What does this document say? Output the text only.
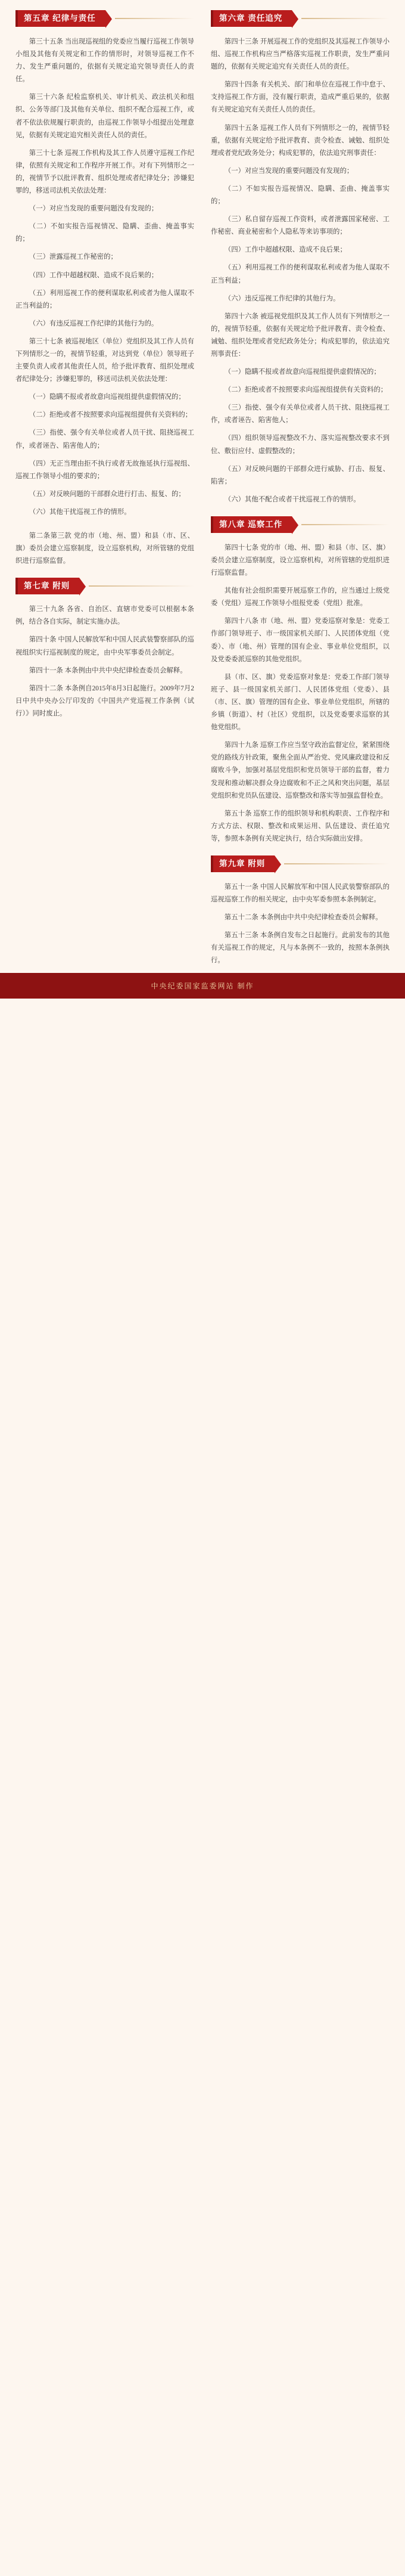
第五章 纪律与责任

第三十五条 当出现巡视组的党委应当履行巡视工作领导小组及其他有关规定和工作的情形时，对领导巡视工作不力、发生严重问题的，依据有关规定追究领导责任人的责任。

第三十六条 纪检监察机关、审计机关、政法机关和组织、公务等部门及其他有关单位、组织不配合巡视工作，或者不依法依规履行职责的，由巡视工作领导小组提出处理意见，依据有关规定追究相关责任人员的责任。

第三十七条 巡视工作机构及其工作人员遵守巡视工作纪律，依照有关规定和工作程序开展工作。对有下列情形之一的，视情节予以批评教育、组织处理或者纪律处分；涉嫌犯罪的，移送司法机关依法处理：

（一）对应当发现的重要问题没有发现的；

（二）不如实报告巡视情况、隐瞒、歪曲、掩盖事实的；

（三）泄露巡视工作秘密的；

（四）工作中超越权限、造成不良后果的；

（五）利用巡视工作的便利谋取私利或者为他人谋取不正当利益的；

（六）有违反巡视工作纪律的其他行为的。

第三十七条 被巡视地区（单位）党组织及其工作人员有下列情形之一的，视情节轻重，对达到党（单位）领导班子主要负责人或者其他责任人员，给予批评教育、组织处理或者纪律处分；涉嫌犯罪的，移送司法机关依法处理：

（一）隐瞒不报或者故意向巡视组提供虚假情况的；

（二）拒绝或者不按照要求向巡视组提供有关资料的；

（三）指使、强令有关单位或者人员干扰、阻挠巡视工作，或者诬告、陷害他人的；

（四）无正当理由拒不执行或者无故拖延执行巡视组、巡视工作领导小组的要求的；

（五）对反映问题的干部群众进行打击、报复、的；

（六）其他干扰巡视工作的情形。

第二条第三款 党的市（地、州、盟）和县（市、区、旗）委员会建立巡察制度，设立巡察机构，对所管辖的党组织进行巡察监督。

第七章 附则

第三十九条 各省、自治区、直辖市党委可以根据本条例，结合各自实际，制定实施办法。

第四十条 中国人民解放军和中国人民武装警察部队的巡视组织实行巡视制度的规定，由中央军事委员会制定。

第四十一条 本条例由中共中央纪律检查委员会解释。

第四十二条 本条例自2015年8月3日起施行。2009年7月2日中共中央办公厅印发的《中国共产党巡视工作条例（试行）》同时废止。

第六章 责任追究

第四十三条 开展巡视工作的党组织及其巡视工作领导小组、巡视工作机构应当严格落实巡视工作职责，发生严重问题的，依据有关规定追究有关责任人员的责任。

第四十四条 有关机关、部门和单位在巡视工作中怠于、支持巡视工作方面，没有履行职责，造成严重后果的，依据有关规定追究有关责任人员的责任。

第四十五条 巡视工作人员有下列情形之一的，视情节轻重，依据有关规定给予批评教育、责令检查、诫勉、组织处理或者党纪政务处分；构成犯罪的，依法追究刑事责任：

（一）对应当发现的重要问题没有发现的；

（二）不如实报告巡视情况、隐瞒、歪曲、掩盖事实的；

（三）私自留存巡视工作资料，或者泄露国家秘密、工作秘密、商业秘密和个人隐私等来访事项的；

（四）工作中超越权限、造成不良后果；

（五）利用巡视工作的便利谋取私利或者为他人谋取不正当利益；

（六）违反巡视工作纪律的其他行为。

第四十六条 被巡视党组织及其工作人员有下列情形之一的，视情节轻重，依据有关规定给予批评教育、责令检查、诫勉、组织处理或者党纪政务处分；构成犯罪的，依法追究刑事责任：

（一）隐瞒不报或者故意向巡视组提供虚假情况的；

（二）拒绝或者不按照要求向巡视组提供有关资料的；

（三）指使、强令有关单位或者人员干扰、阻挠巡视工作，或者诬告、陷害他人；

（四）组织领导巡视整改不力、落实巡视整改要求不到位、敷衍应付、虚假整改的；

（五）对反映问题的干部群众进行威胁、打击、报复、陷害；

（六）其他不配合或者干扰巡视工作的情形。

第八章 巡察工作

第四十七条 党的市（地、州、盟）和县（市、区、旗）委员会建立巡察制度，设立巡察机构，对所管辖的党组织进行巡察监督。

其他有社会组织需要开展巡察工作的，应当通过上级党委（党组）巡视工作领导小组报党委（党组）批准。

第四十八条 市（地、州、盟）党委巡察对象是：党委工作部门领导班子、市一级国家机关部门、人民团体党组（党委）、市（地、州）管理的国有企业、事业单位党组织，以及党委委派巡察的其他党组织。

县（市、区、旗）党委巡察对象是：党委工作部门领导班子、县一级国家机关部门、人民团体党组（党委）、县（市、区、旗）管理的国有企业、事业单位党组织，所辖的乡镇（街道）、村（社区）党组织，以及党委要求巡察的其他党组织。

第四十九条 巡察工作应当坚守政治监督定位，紧紧围绕党的路线方针政策，聚焦全面从严治党、党风廉政建设和反腐败斗争，加强对基层党组织和党员领导干部的监督，着力发现和推动解决群众身边腐败和不正之风和突出问题，基层党组织和党员队伍建设、巡察整改和落实等加强监督检查。

第五十条 巡察工作的组织领导和机构职责、工作程序和方式方法、权限、整改和成果运用、队伍建设、责任追究等，参照本条例有关规定执行，结合实际做出安排。

第九章 附则

第五十一条 中国人民解放军和中国人民武装警察部队的巡视巡察工作的相关规定，由中央军委参照本条例制定。

第五十二条 本条例由中共中央纪律检查委员会解释。

第五十三条 本条例自发布之日起施行。此前发布的其他有关巡视工作的规定，凡与本条例不一致的，按照本条例执行。

中央纪委国家监委网站 制作
